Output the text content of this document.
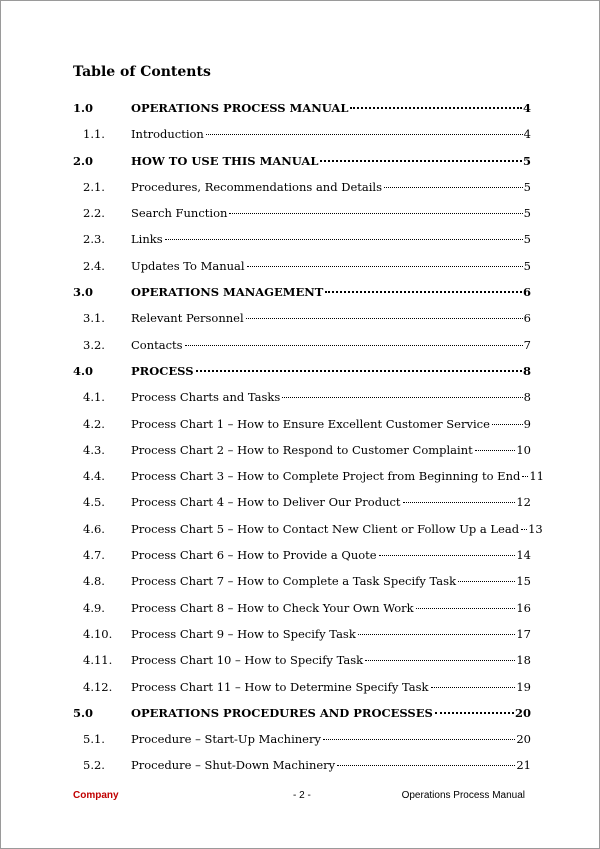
Table of Contents
1.0	OPERATIONS PROCESS MANUAL	4
1.1.	Introduction	4
2.0	HOW TO USE THIS MANUAL	5
2.1.	Procedures, Recommendations and Details	5
2.2.	Search Function	5
2.3.	Links	5
2.4.	Updates To Manual	5
3.0	OPERATIONS MANAGEMENT	6
3.1.	Relevant Personnel	6
3.2.	Contacts	7
4.0	PROCESS	8
4.1.	Process Charts and Tasks	8
4.2.	Process Chart 1 – How to Ensure Excellent Customer Service	9
4.3.	Process Chart 2 – How to Respond to Customer Complaint	10
4.4.	Process Chart 3 – How to Complete Project from Beginning to End 11
4.5.	Process Chart 4 – How to Deliver Our Product	12
4.6.	Process Chart 5 – How to Contact New Client or Follow Up a Lead 13
4.7.	Process Chart 6 – How to Provide a Quote	14
4.8.	Process Chart 7 – How to Complete a Task Specify Task	15
4.9.	Process Chart 8 – How to Check Your Own Work	16
4.10.	Process Chart 9 – How to Specify Task	17
4.11.	Process Chart 10 – How to Specify Task	18
4.12.	Process Chart 11 – How to Determine Specify Task	19
5.0	OPERATIONS PROCEDURES AND PROCESSES	20
5.1.	Procedure – Start-Up Machinery	20
5.2.	Procedure – Shut-Down Machinery	21
Company	- 2 -	Operations Process Manual
